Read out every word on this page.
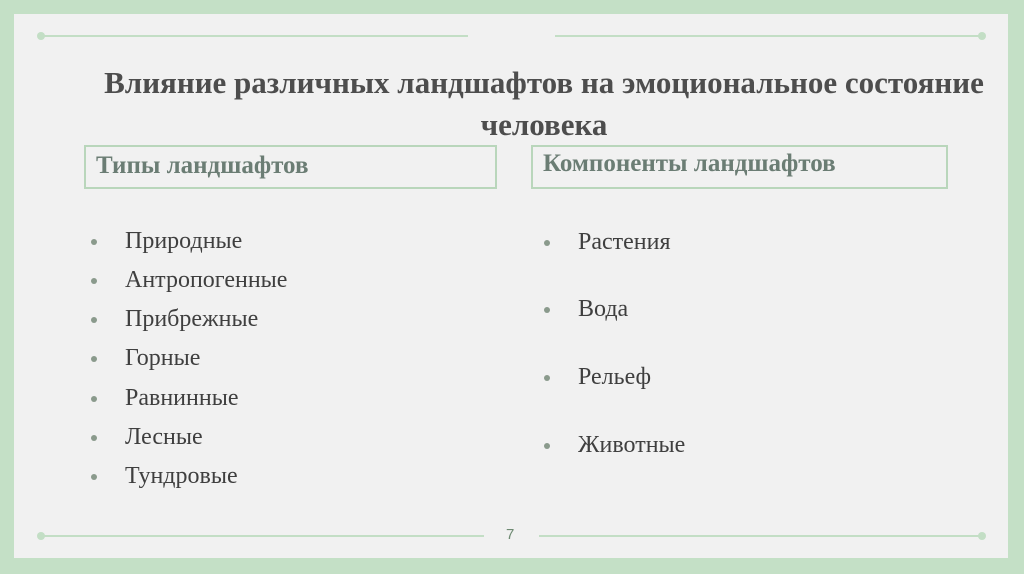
Влияние различных ландшафтов на эмоциональное состояние человека
Типы ландшафтов	Компоненты ландшафтов
Природные
Антропогенные
Прибрежные
Горные
Равнинные
Лесные
Тундровые
Растения
Вода
Рельеф
Животные
7
